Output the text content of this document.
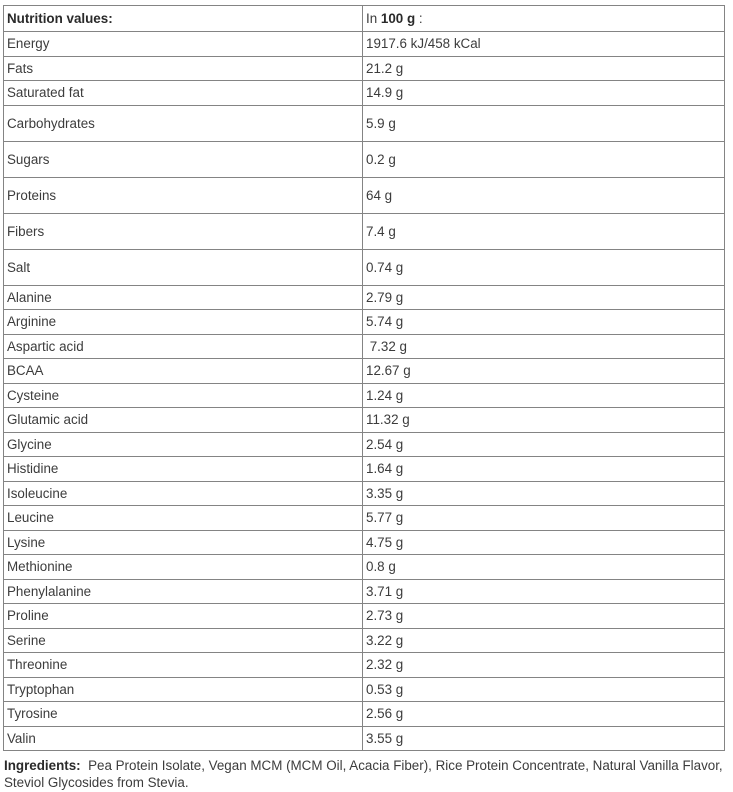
Nutrition values:	In 100 g :
Energy	1917.6 kJ/458 kCal
Fats	21.2 g
Saturated fat	14.9 g
Carbohydrates	5.9 g
Sugars	0.2 g
Proteins	64 g
Fibers	7.4 g
Salt	0.74 g
Alanine	2.79 g
Arginine	5.74 g
Aspartic acid	7.32 g
BCAA	12.67 g
Cysteine	1.24 g
Glutamic acid	11.32 g
Glycine	2.54 g
Histidine	1.64 g
Isoleucine	3.35 g
Leucine	5.77 g
Lysine	4.75 g
Methionine	0.8 g
Phenylalanine	3.71 g
Proline	2.73 g
Serine	3.22 g
Threonine	2.32 g
Tryptophan	0.53 g
Tyrosine	2.56 g
Valin	3.55 g

Ingredients:  Pea Protein Isolate, Vegan MCM (MCM Oil, Acacia Fiber), Rice Protein Concentrate, Natural Vanilla Flavor, Steviol Glycosides from Stevia.
